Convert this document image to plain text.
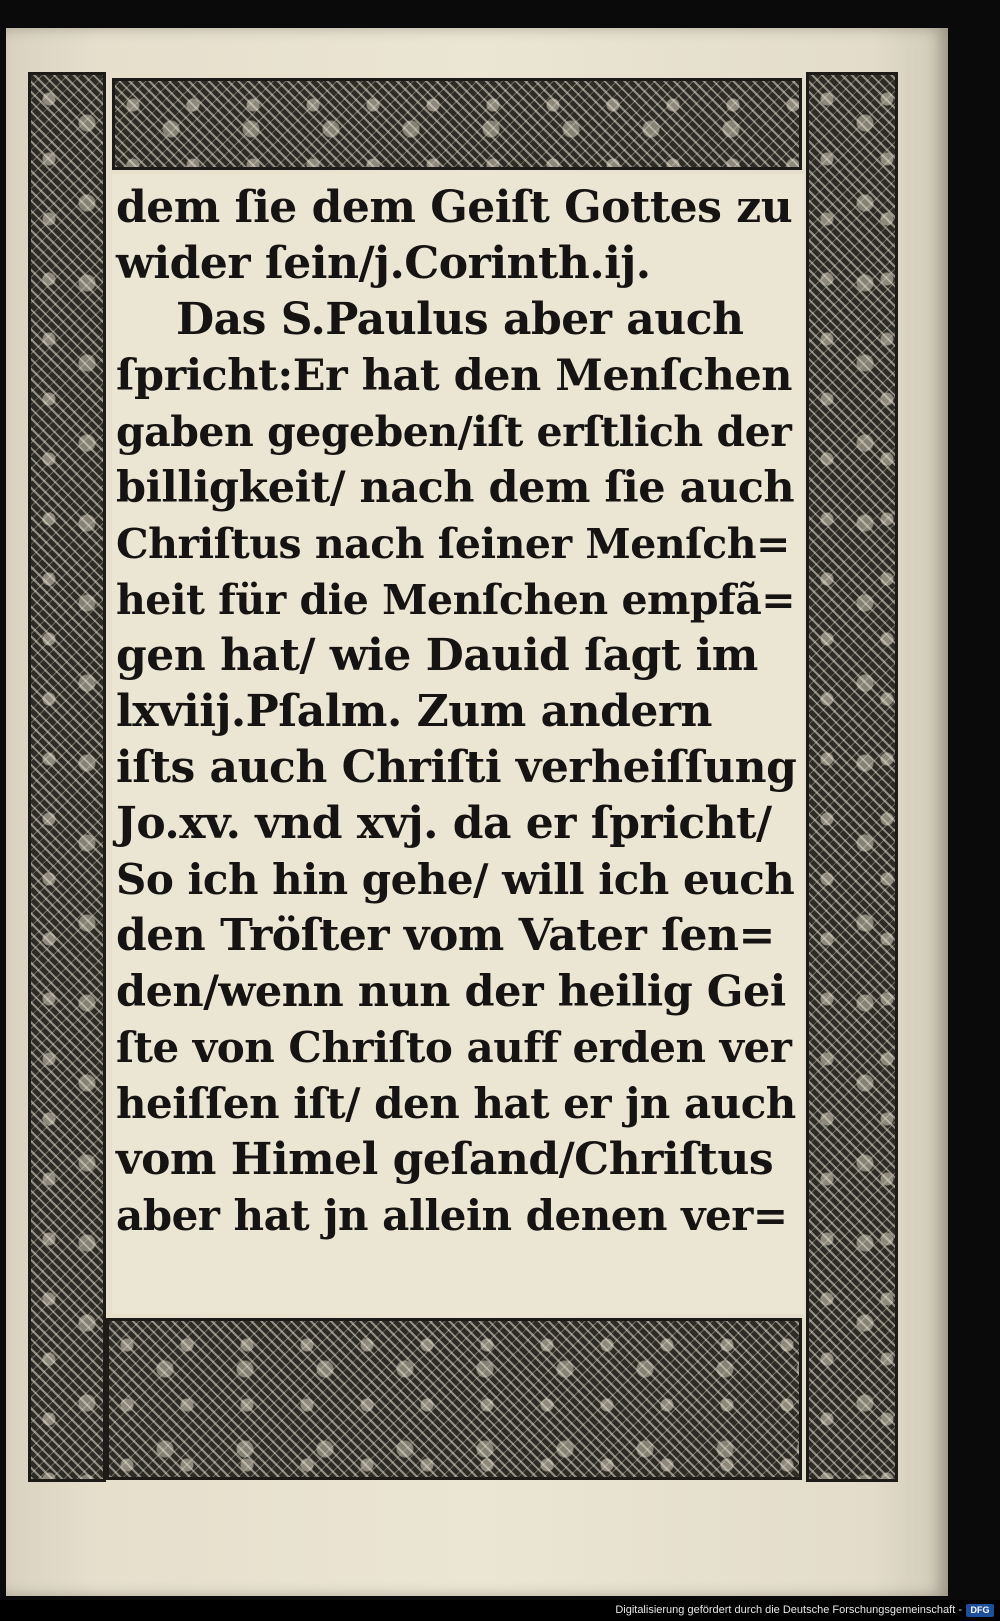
dem ſie dem Geiſt Gottes zu
wider ſein/j.Corinth.ij.
Das S.Paulus aber auch
ſpricht:Er hat den Menſchen
gaben gegeben/iſt erſtlich der
billigkeit/ nach dem ſie auch
Chriſtus nach ſeiner Menſch=
heit für die Menſchen empfã=
gen hat/ wie Dauid ſagt im
lxviij.Pſalm. Zum andern
iſts auch Chriſti verheiſſung
Jo.xv. vnd xvj. da er ſpricht/
So ich hin gehe/ will ich euch
den Tröſter vom Vater ſen=
den/wenn nun der heilig Gei
ſte von Chriſto auff erden ver
heiſſen iſt/ den hat er jn auch
vom Himel geſand/Chriſtus
aber hat jn allein denen ver=
Digitalisierung gefördert durch die Deutsche Forschungsgemeinschaft - DFG
